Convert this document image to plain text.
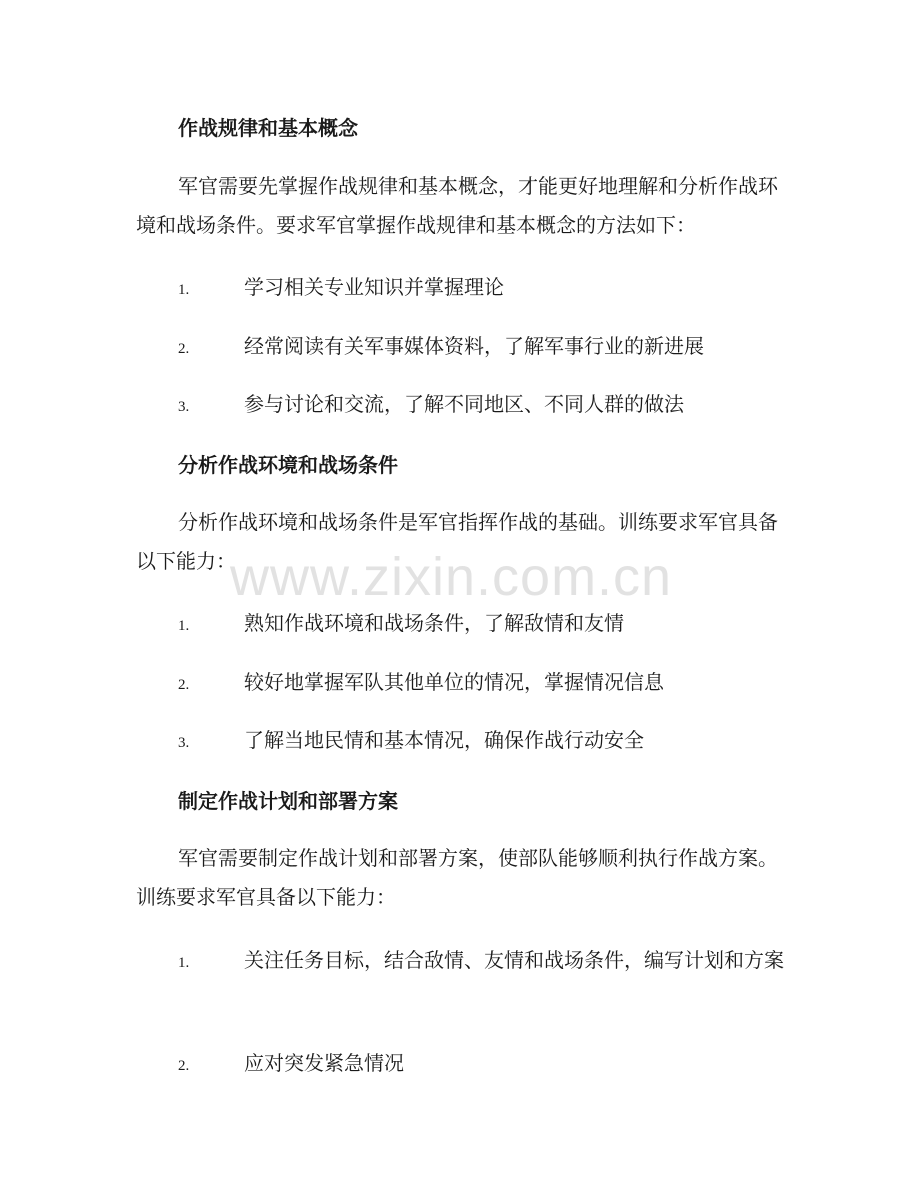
作战规律和基本概念
军官需要先掌握作战规律和基本概念，才能更好地理解和分析作战环境和战场条件。要求军官掌握作战规律和基本概念的方法如下：
1.	学习相关专业知识并掌握理论
2.	经常阅读有关军事媒体资料，了解军事行业的新进展
3.	参与讨论和交流，了解不同地区、不同人群的做法
分析作战环境和战场条件
分析作战环境和战场条件是军官指挥作战的基础。训练要求军官具备以下能力：
1.	熟知作战环境和战场条件，了解敌情和友情
2.	较好地掌握军队其他单位的情况，掌握情况信息
3.	了解当地民情和基本情况，确保作战行动安全
制定作战计划和部署方案
军官需要制定作战计划和部署方案，使部队能够顺利执行作战方案。训练要求军官具备以下能力：
1.	关注任务目标，结合敌情、友情和战场条件，编写计划和方案
2.	应对突发紧急情况
www.zixin.com.cn
